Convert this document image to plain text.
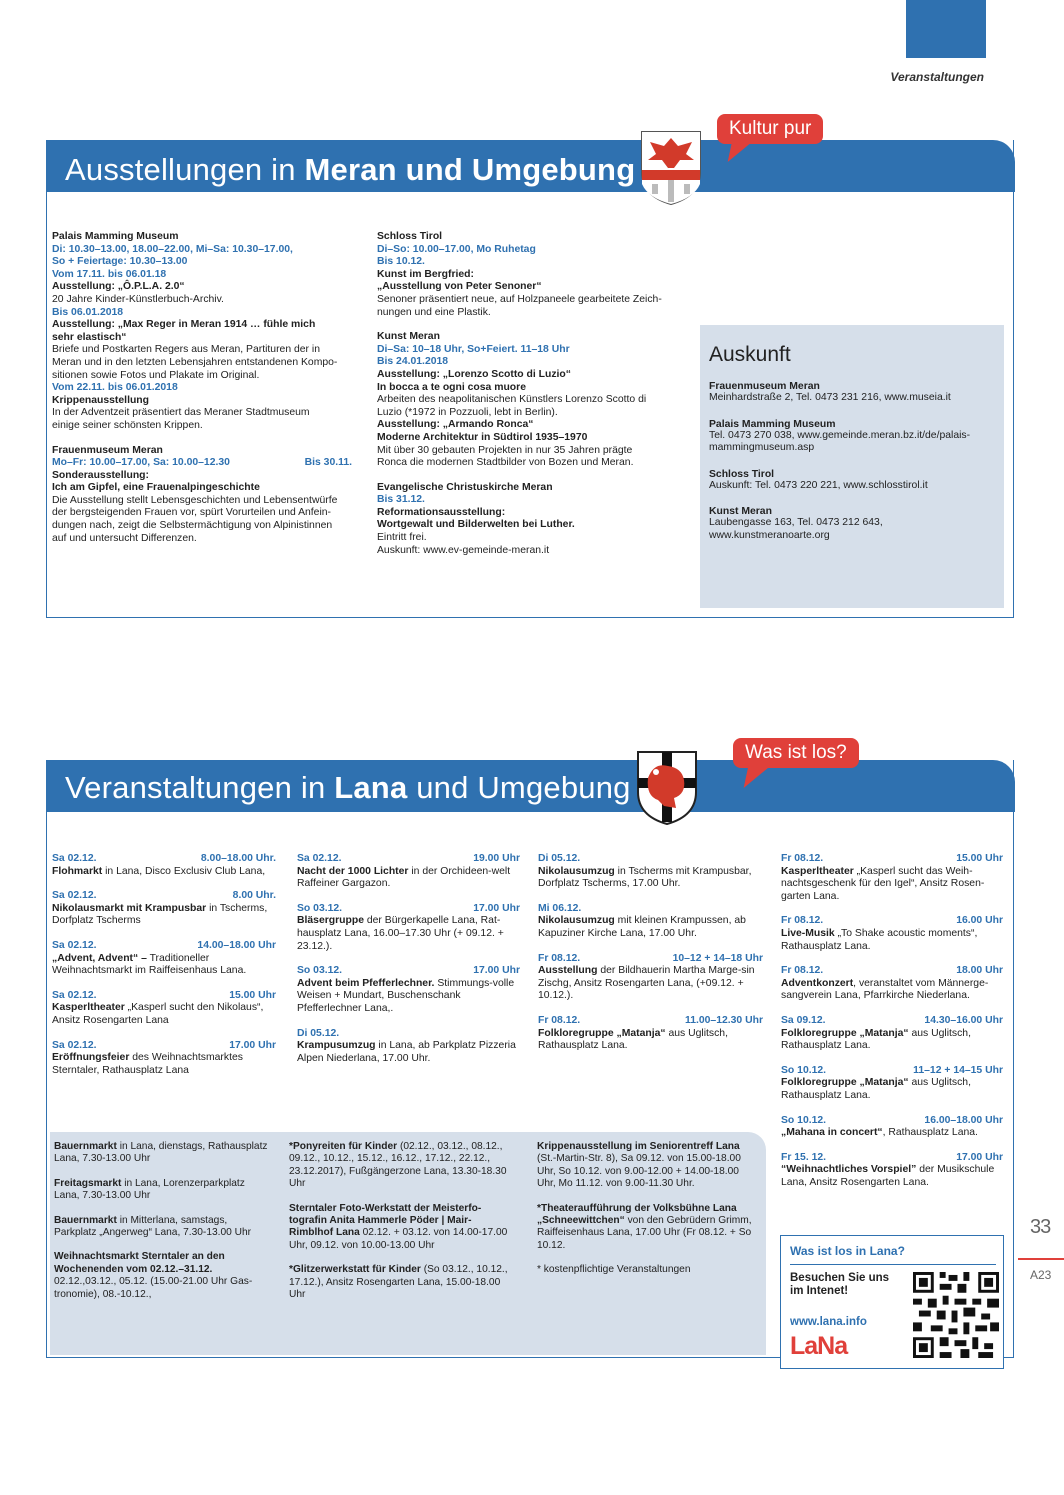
Veranstaltungen
Ausstellungen in Meran und Umgebung
Kultur pur
Palais Mamming Museum
Di: 10.30–13.00, 18.00–22.00, Mi–Sa: 10.30–17.00,
So + Feiertage: 10.30–13.00
Vom 17.11. bis 06.01.18
Ausstellung: „Ô.P.L.A. 2.0“
20 Jahre Kinder-Künstlerbuch-Archiv.
Bis 06.01.2018
Ausstellung: „Max Reger in Meran 1914 … fühle mich
sehr elastisch“
Briefe und Postkarten Regers aus Meran, Partituren der in
Meran und in den letzten Lebensjahren entstandenen Kompo-
sitionen sowie Fotos und Plakate im Original.
Vom 22.11. bis 06.01.2018
Krippenausstellung
In der Adventzeit präsentiert das Meraner Stadtmuseum
einige seiner schönsten Krippen.
Frauenmuseum Meran
Mo–Fr: 10.00–17.00, Sa: 10.00–12.30	Bis 30.11.
Sonderausstellung:
Ich am Gipfel, eine Frauenalpingeschichte
Die Ausstellung stellt Lebensgeschichten und Lebensentwürfe
der bergsteigenden Frauen vor, spürt Vorurteilen und Anfein-
dungen nach, zeigt die Selbstermächtigung von Alpinistinnen
auf und untersucht Differenzen.
Schloss Tirol
Di–So: 10.00–17.00, Mo Ruhetag
Bis 10.12.
Kunst im Bergfried:
„Ausstellung von Peter Senoner“
Senoner präsentiert neue, auf Holzpaneele gearbeitete Zeich-
nungen und eine Plastik.
Kunst Meran
Di–Sa: 10–18 Uhr, So+Feiert. 11–18 Uhr
Bis 24.01.2018
Ausstellung: „Lorenzo Scotto di Luzio“
In bocca a te ogni cosa muore
Arbeiten des neapolitanischen Künstlers Lorenzo Scotto di
Luzio (*1972 in Pozzuoli, lebt in Berlin).
Ausstellung: „Armando Ronca“
Moderne Architektur in Südtirol 1935–1970
Mit über 30 gebauten Projekten in nur 35 Jahren prägte
Ronca die modernen Stadtbilder von Bozen und Meran.
Evangelische Christuskirche Meran
Bis 31.12.
Reformationsausstellung:
Wortgewalt und Bilderwelten bei Luther.
Eintritt frei.
Auskunft: www.ev-gemeinde-meran.it
Auskunft
Frauenmuseum Meran
Meinhardstraße 2, Tel. 0473 231 216, www.museia.it
Palais Mamming Museum
Tel. 0473 270 038, www.gemeinde.meran.bz.it/de/palais-
mammingmuseum.asp
Schloss Tirol
Auskunft: Tel. 0473 220 221, www.schlosstirol.it
Kunst Meran
Laubengasse 163, Tel. 0473 212 643,
www.kunstmeranoarte.org
Veranstaltungen in Lana und Umgebung
Was ist los?
Sa 02.12.	8.00–18.00 Uhr.
Flohmarkt in Lana, Disco Exclusiv Club Lana,
Sa 02.12.	8.00 Uhr.
Nikolausmarkt mit Krampusbar in Tscherms, Dorfplatz Tscherms
Sa 02.12.	14.00–18.00 Uhr
„Advent, Advent“ – Traditioneller Weihnachtsmarkt im Raiffeisenhaus Lana.
Sa 02.12.	15.00 Uhr
Kasperltheater „Kasperl sucht den Nikolaus“, Ansitz Rosengarten Lana
Sa 02.12.	17.00 Uhr
Eröffnungsfeier des Weihnachtsmarktes Sterntaler, Rathausplatz Lana
Sa 02.12.	19.00 Uhr
Nacht der 1000 Lichter in der Orchideen-welt Raffeiner Gargazon.
So 03.12.	17.00 Uhr
Bläsergruppe der Bürgerkapelle Lana, Rat-hausplatz Lana, 16.00–17.30 Uhr (+ 09.12. + 23.12.).
So 03.12.	17.00 Uhr
Advent beim Pfefferlechner. Stimmungs-volle Weisen + Mundart, Buschenschank Pfefferlechner Lana,.
Di 05.12.
Krampusumzug in Lana, ab Parkplatz Pizzeria Alpen Niederlana, 17.00 Uhr.
Di 05.12.
Nikolausumzug in Tscherms mit Krampusbar, Dorfplatz Tscherms, 17.00 Uhr.
Mi 06.12.
Nikolausumzug mit kleinen Krampussen, ab Kapuziner Kirche Lana, 17.00 Uhr.
Fr 08.12.	10–12 + 14–18 Uhr
Ausstellung der Bildhauerin Martha Marge-sin Zischg, Ansitz Rosengarten Lana, (+09.12. + 10.12.).
Fr 08.12.	11.00–12.30 Uhr
Folkloregruppe „Matanja“ aus Uglitsch, Rathausplatz Lana.
Fr 08.12.	15.00 Uhr
Kasperltheater „Kasperl sucht das Weih-nachtsgeschenk für den Igel“, Ansitz Rosen-garten Lana.
Fr 08.12.	16.00 Uhr
Live-Musik „To Shake acoustic moments“, Rathausplatz Lana.
Fr 08.12.	18.00 Uhr
Adventkonzert, veranstaltet vom Männerge-sangverein Lana, Pfarrkirche Niederlana.
Sa 09.12.	14.30–16.00 Uhr
Folkloregruppe „Matanja“ aus Uglitsch, Rathausplatz Lana.
So 10.12.	11–12 + 14–15 Uhr
Folkloregruppe „Matanja“ aus Uglitsch, Rathausplatz Lana.
So 10.12.	16.00–18.00 Uhr
„Mahana in concert“, Rathausplatz Lana.
Fr 15. 12.	17.00 Uhr
“Weihnachtliches Vorspiel” der Musikschule Lana, Ansitz Rosengarten Lana.
Bauernmarkt in Lana, dienstags, Rathausplatz Lana, 7.30-13.00 Uhr
Freitagsmarkt in Lana, Lorenzerparkplatz Lana, 7.30-13.00 Uhr
Bauernmarkt in Mitterlana, samstags, Parkplatz „Angerweg“ Lana, 7.30-13.00 Uhr
Weihnachtsmarkt Sterntaler an den Wochenenden vom 02.12.–31.12. 02.12.,03.12., 05.12. (15.00-21.00 Uhr Gas-tronomie), 08.-10.12.,
*Ponyreiten für Kinder (02.12., 03.12., 08.12., 09.12., 10.12., 15.12., 16.12., 17.12., 22.12., 23.12.2017), Fußgängerzone Lana, 13.30-18.30 Uhr
Sterntaler Foto-Werkstatt der Meisterfo-tografin Anita Hammerle Pöder | Mair-Rimblhof Lana 02.12. + 03.12. von 14.00-17.00 Uhr, 09.12. von 10.00-13.00 Uhr
*Glitzerwerkstatt für Kinder (So 03.12., 10.12., 17.12.), Ansitz Rosengarten Lana, 15.00-18.00 Uhr
Krippenausstellung im Seniorentreff Lana (St.-Martin-Str. 8), Sa 09.12. von 15.00-18.00 Uhr, So 10.12. von 9.00-12.00 + 14.00-18.00 Uhr, Mo 11.12. von 9.00-11.30 Uhr.
*Theateraufführung der Volksbühne Lana „Schneewittchen“ von den Gebrüdern Grimm, Raiffeisenhaus Lana, 17.00 Uhr (Fr 08.12. + So 10.12.
* kostenpflichtige Veranstaltungen
Was ist los in Lana?
Besuchen Sie uns im Intenet!
www.lana.info
LaNa
33
A23
